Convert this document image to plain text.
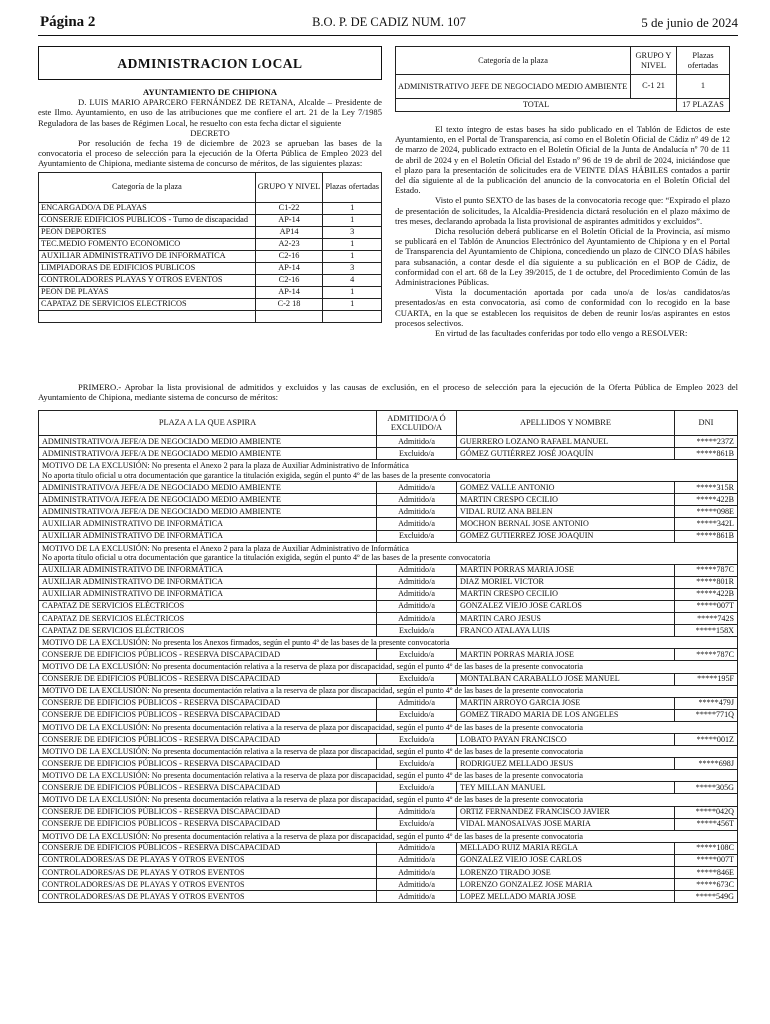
Página 2	B.O. P. DE CADIZ NUM. 107	5 de junio de 2024
ADMINISTRACION LOCAL
AYUNTAMIENTO DE CHIPIONA

D. LUIS MARIO APARCERO FERNÁNDEZ DE RETANA, Alcalde – Presidente de este Ilmo. Ayuntamiento, en uso de las atribuciones que me confiere el art. 21 de la Ley 7/1985 Reguladora de las bases de Régimen Local, he resuelto con esta fecha dictar el siguiente

DECRETO

Por resolución de fecha 19 de diciembre de 2023 se aprueban las bases de la convocatoria el proceso de selección para la ejecución de la Oferta Pública de Empleo 2023 del Ayuntamiento de Chipiona, mediante sistema de concurso de méritos, de las siguientes plazas:

Categoría de la plaza	GRUPO Y NIVEL	Plazas ofertadas
ENCARGADO/A DE PLAYAS	C1-22	1
CONSERJE EDIFICIOS PUBLICOS - Turno de discapacidad	AP-14	1
PEON DEPORTES	AP14	3
TEC.MEDIO FOMENTO ECONOMICO	A2-23	1
AUXILIAR ADMINISTRATIVO DE INFORMATICA	C2-16	1
LIMPIADORAS DE EDIFICIOS PUBLICOS	AP-14	3
CONTROLADORES PLAYAS Y OTROS EVENTOS	C2-16	4
PEON DE PLAYAS	AP-14	1
CAPATAZ DE SERVICIOS ELECTRICOS	C-2 18	1

Categoría de la plaza	GRUPO Y NIVEL	Plazas ofertadas
ADMINISTRATIVO JEFE DE NEGOCIADO MEDIO AMBIENTE	C-1 21	1
TOTAL		17 PLAZAS

El texto íntegro de estas bases ha sido publicado en el Tablón de Edictos de este Ayuntamiento, en el Portal de Transparencia, así como en el Boletín Oficial de Cádiz nº 49 de 12 de marzo de 2024, publicado extracto en el Boletín Oficial de la Junta de Andalucía nº 70 de 11 de abril de 2024 y en el Boletín Oficial del Estado nº 96 de 19 de abril de 2024, iniciándose que el plazo para la presentación de solicitudes era de VEINTE DÍAS HÁBILES contados a partir del día siguiente al de la publicación del anuncio de la convocatoria en el Boletín Oficial del Estado.

Visto el punto SEXTO de las bases de la convocatoria recoge que: “Expirado el plazo de presentación de solicitudes, la Alcaldía-Presidencia dictará resolución en el plazo máximo de tres meses, declarando aprobada la lista provisional de aspirantes admitidos y excluidos”.

Dicha resolución deberá publicarse en el Boletín Oficial de la Provincia, así mismo se publicará en el Tablón de Anuncios Electrónico del Ayuntamiento de Chipiona y en el Portal de Transparencia del Ayuntamiento de Chipiona, concediendo un plazo de CINCO DÍAS hábiles para subsanación, a contar desde el día siguiente a su publicación en el BOP de Cádiz, de conformidad con el art. 68 de la Ley 39/2015, de 1 de octubre, del Procedimiento Común de las Administraciones Públicas.

Vista la documentación aportada por cada uno/a de los/as candidatos/as presentados/as en esta convocatoria, así como de conformidad con lo recogido en la base CUARTA, en la que se establecen los requisitos de deben de reunir los/as aspirantes en estos procesos selectivos.

En virtud de las facultades conferidas por todo ello vengo a RESOLVER:

PRIMERO.- Aprobar la lista provisional de admitidos y excluidos y las causas de exclusión, en el proceso de selección para la ejecución de la Oferta Pública de Empleo 2023 del Ayuntamiento de Chipiona, mediante sistema de concurso de méritos:

PLAZA A LA QUE ASPIRA	ADMITIDO/A Ó EXCLUIDO/A	APELLIDOS Y NOMBRE	DNI
ADMINISTRATIVO/A JEFE/A DE NEGOCIADO MEDIO AMBIENTE	Admitido/a	GUERRERO LOZANO RAFAEL MANUEL	*****237Z
ADMINISTRATIVO/A JEFE/A DE NEGOCIADO MEDIO AMBIENTE	Excluido/a	GÓMEZ GUTIÉRREZ JOSÉ JOAQUÍN	*****861B

MOTIVO DE LA EXCLUSIÓN: No presenta el Anexo 2 para la plaza de Auxiliar Administrativo de Informática
No aporta título oficial u otra documentación que garantice la titulación exigida, según el punto 4º de las bases de la presente convocatoria			

ADMINISTRATIVO/A JEFE/A DE NEGOCIADO MEDIO AMBIENTE	Admitido/a	GOMEZ VALLE ANTONIO	*****315R
ADMINISTRATIVO/A JEFE/A DE NEGOCIADO MEDIO AMBIENTE	Admitido/a	MARTIN CRESPO CECILIO	*****422B
ADMINISTRATIVO/A JEFE/A DE NEGOCIADO MEDIO AMBIENTE	Admitido/a	VIDAL RUIZ ANA BELEN	*****098E
AUXILIAR ADMINISTRATIVO DE INFORMÁTICA	Admitido/a	MOCHON BERNAL JOSE ANTONIO	*****342L
AUXILIAR ADMINISTRATIVO DE INFORMÁTICA	Excluido/a	GOMEZ GUTIERREZ JOSE JOAQUIN	*****861B

MOTIVO DE LA EXCLUSIÓN: No presenta el Anexo 2 para la plaza de Auxiliar Administrativo de Informática
No aporta título oficial u otra documentación que garantice la titulación exigida, según el punto 4º de las bases de la presente convocatoria			

AUXILIAR ADMINISTRATIVO DE INFORMÁTICA	Admitido/a	MARTIN PORRAS MARIA JOSE	*****787C
AUXILIAR ADMINISTRATIVO DE INFORMÁTICA	Admitido/a	DIAZ MORIEL VICTOR	*****801R
AUXILIAR ADMINISTRATIVO DE INFORMÁTICA	Admitido/a	MARTIN CRESPO CECILIO	*****422B
CAPATAZ DE SERVICIOS ELÉCTRICOS	Admitido/a	GONZALEZ VIEJO JOSE CARLOS	*****007T
CAPATAZ DE SERVICIOS ELÉCTRICOS	Admitido/a	MARTIN CARO JESUS	*****742S
CAPATAZ DE SERVICIOS ELÉCTRICOS	Excluido/a	FRANCO ATALAYA LUIS	*****158X

MOTIVO DE LA EXCLUSIÓN: No presenta los Anexos firmados, según el punto 4º de las bases de la presente convocatoria			

CONSERJE DE EDIFICIOS PÚBLICOS - RESERVA DISCAPACIDAD	Excluido/a	MARTIN PORRAS MARIA JOSE	*****787C

MOTIVO DE LA EXCLUSIÓN: No presenta documentación relativa a la reserva de plaza por discapacidad, según el punto 4º de las bases de la presente convocatoria			

CONSERJE DE EDIFICIOS PÚBLICOS - RESERVA DISCAPACIDAD	Excluido/a	MONTALBAN CARABALLO JOSE MANUEL	*****195F

MOTIVO DE LA EXCLUSIÓN: No presenta documentación relativa a la reserva de plaza por discapacidad, según el punto 4º de las bases de la presente convocatoria			

CONSERJE DE EDIFICIOS PÚBLICOS - RESERVA DISCAPACIDAD	Admitido/a	MARTIN ARROYO GARCIA JOSE	*****479J
CONSERJE DE EDIFICIOS PÚBLICOS - RESERVA DISCAPACIDAD	Excluido/a	GOMEZ TIRADO MARIA DE LOS ANGELES	*****771Q

MOTIVO DE LA EXCLUSIÓN: No presenta documentación relativa a la reserva de plaza por discapacidad, según el punto 4º de las bases de la presente convocatoria			

CONSERJE DE EDIFICIOS PÚBLICOS - RESERVA DISCAPACIDAD	Excluido/a	LOBATO PAYAN FRANCISCO	*****001Z

MOTIVO DE LA EXCLUSIÓN: No presenta documentación relativa a la reserva de plaza por discapacidad, según el punto 4º de las bases de la presente convocatoria			

CONSERJE DE EDIFICIOS PÚBLICOS - RESERVA DISCAPACIDAD	Excluido/a	RODRIGUEZ MELLADO JESUS	*****698J

MOTIVO DE LA EXCLUSIÓN: No presenta documentación relativa a la reserva de plaza por discapacidad, según el punto 4º de las bases de la presente convocatoria			

CONSERJE DE EDIFICIOS PÚBLICOS - RESERVA DISCAPACIDAD	Excluido/a	TEY MILLAN MANUEL	*****305G

MOTIVO DE LA EXCLUSIÓN: No presenta documentación relativa a la reserva de plaza por discapacidad, según el punto 4º de las bases de la presente convocatoria			

CONSERJE DE EDIFICIOS PÚBLICOS - RESERVA DISCAPACIDAD	Admitido/a	ORTIZ FERNANDEZ FRANCISCO JAVIER	*****042Q
CONSERJE DE EDIFICIOS PÚBLICOS - RESERVA DISCAPACIDAD	Excluido/a	VIDAL MANOSALVAS JOSE MARIA	*****456T

MOTIVO DE LA EXCLUSIÓN: No presenta documentación relativa a la reserva de plaza por discapacidad, según el punto 4º de las bases de la presente convocatoria			

CONSERJE DE EDIFICIOS PÚBLICOS - RESERVA DISCAPACIDAD	Admitido/a	MELLADO RUIZ MARIA REGLA	*****108C
CONTROLADORES/AS DE PLAYAS Y OTROS EVENTOS	Admitido/a	GONZALEZ VIEJO JOSE CARLOS	*****007T
CONTROLADORES/AS DE PLAYAS Y OTROS EVENTOS	Admitido/a	LORENZO TIRADO JOSE	*****846E
CONTROLADORES/AS DE PLAYAS Y OTROS EVENTOS	Admitido/a	LORENZO GONZALEZ JOSE MARIA	*****673C
CONTROLADORES/AS DE PLAYAS Y OTROS EVENTOS	Admitido/a	LOPEZ MELLADO MARIA JOSE	*****549G
